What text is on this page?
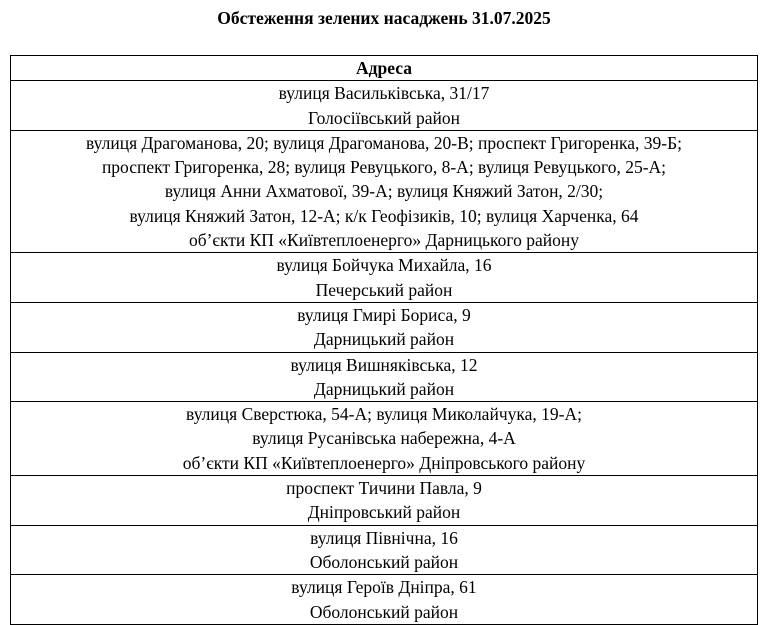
Обстеження зелених насаджень 31.07.2025
Адреса

вулиця Васильківська, 31/17
Голосіївський район

вулиця Драгоманова, 20; вулиця Драгоманова, 20-В; проспект Григоренка, 39-Б;
проспект Григоренка, 28; вулиця Ревуцького, 8-А; вулиця Ревуцького, 25-А;
вулиця Анни Ахматової, 39-А; вулиця Княжий Затон, 2/30;
вулиця Княжий Затон, 12-А; к/к Геофізиків, 10; вулиця Харченка, 64
об’єкти КП «Київтеплоенерго» Дарницького району

вулиця Бойчука Михайла, 16
Печерський район

вулиця Гмирі Бориса, 9
Дарницький район

вулиця Вишняківська, 12
Дарницький район

вулиця Сверстюка, 54-А; вулиця Миколайчука, 19-А;
вулиця Русанівська набережна, 4-А
об’єкти КП «Київтеплоенерго» Дніпровського району

проспект Тичини Павла, 9
Дніпровський район

вулиця Північна, 16
Оболонський район

вулиця Героїв Дніпра, 61
Оболонський район
